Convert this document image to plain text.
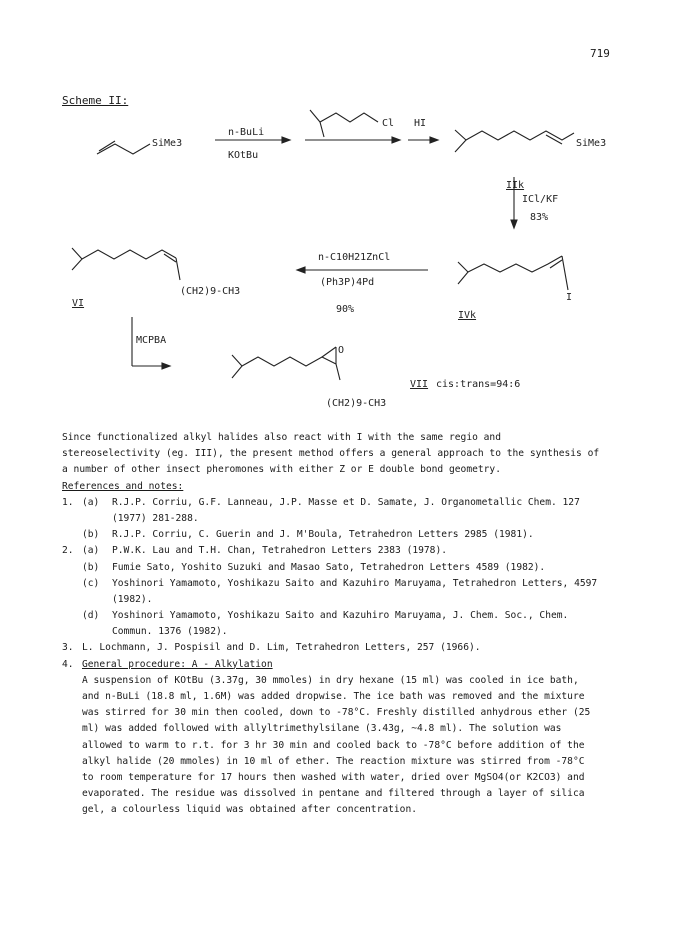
719
Scheme II:
SiMe3
n-BuLi
KOtBu
Cl HI
SiMe3
IIk
ICl/KF
83%
n-C10H21ZnCl
(Ph3P)4Pd
90%
(CH2)9-CH3
VI
I
IVk
MCPBA
O
VII cis:trans=94:6
(CH2)9-CH3
Since functionalized alkyl halides also react with I with the same regio and
stereoselectivity (eg. III), the present method offers a general approach to the synthesis of
a number of other insect pheromones with either Z or E double bond geometry.
References and notes:
1. (a) R.J.P. Corriu, G.F. Lanneau, J.P. Masse et D. Samate, J. Organometallic Chem. 127
(1977) 281-288.
(b) R.J.P. Corriu, C. Guerin and J. M'Boula, Tetrahedron Letters 2985 (1981).
2. (a) P.W.K. Lau and T.H. Chan, Tetrahedron Letters 2383 (1978).
(b) Fumie Sato, Yoshito Suzuki and Masao Sato, Tetrahedron Letters 4589 (1982).
(c) Yoshinori Yamamoto, Yoshikazu Saito and Kazuhiro Maruyama, Tetrahedron Letters, 4597
(1982).
(d) Yoshinori Yamamoto, Yoshikazu Saito and Kazuhiro Maruyama, J. Chem. Soc., Chem.
Commun. 1376 (1982).
3. L. Lochmann, J. Pospisil and D. Lim, Tetrahedron Letters, 257 (1966).
4. General procedure: A - Alkylation
A suspension of KOtBu (3.37g, 30 mmoles) in dry hexane (15 ml) was cooled in ice bath,
and n-BuLi (18.8 ml, 1.6M) was added dropwise. The ice bath was removed and the mixture
was stirred for 30 min then cooled, down to -78°C. Freshly distilled anhydrous ether (25
ml) was added followed with allyltrimethylsilane (3.43g, ~4.8 ml). The solution was
allowed to warm to r.t. for 3 hr 30 min and cooled back to -78°C before addition of the
alkyl halide (20 mmoles) in 10 ml of ether. The reaction mixture was stirred from -78°C
to room temperature for 17 hours then washed with water, dried over MgSO4(or K2CO3) and
evaporated. The residue was dissolved in pentane and filtered through a layer of silica
gel, a colourless liquid was obtained after concentration.
